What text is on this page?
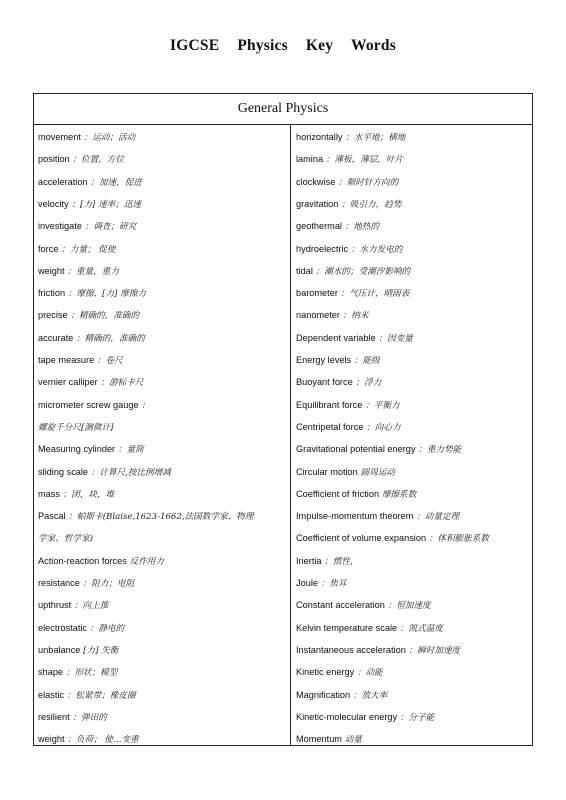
IGCSE Physics Key Words
General Physics
movement ：运动；活动
position ：位置，方位
acceleration ：加速，促进
velocity ：[力] 速率；迅速
investigate ：调查；研究
force ：力量； 促使
weight ：重量，重力
friction ：摩擦，[力] 摩擦力
precise ：精确的，准确的
accurate ：精确的，准确的
tape measure ：卷尺
vernier calliper ：游标卡尺
micrometer screw gauge ：
螺旋千分尺[测微计]
Measuring cylinder ：量筒
sliding scale ：计算尺,按比例增减
mass ：团，块，堆
Pascal ：帕斯卡(Blaise,1623-1662,法国数学家、物理
学家、哲学家)
Action-reaction forces 反作用力
resistance ：阻力；电阻
upthrust ：向上推
electrostatic ：静电的
unbalance [力] 失衡
shape ：形状；模型
elastic ：松紧带；橡皮圈
resilient ：弹田的
weight ：负荷； 使…变重
horizontally ：水平地；横地
lamina ：薄板，薄层，叶片
clockwise ：顺时针方向的
gravitation ：吸引力，趋势
geothermal ：地热的
hydroelectric ：水力发电的
tidal ：潮水的；受潮汐影响的
barometer ：气压计，晴雨表
nanometer ：纳米
Dependent variable ：因变量
Energy levels ：能级
Buoyant force ：浮力
Equilibrant force ：平衡力
Centripetal force ：向心力
Gravitational potential energy ：重力势能
Circular motion 圆周运动
Coefficient of friction 摩擦系数
Impulse-momentum theorem ：动量定理
Coefficient of volume expansion ：体积膨胀系数
Inertia ：惯性，
Joule ：焦耳
Constant acceleration ：恒加速度
Kelvin temperature scale ：凯式温度
Instantaneous acceleration ：瞬时加速度
Kinetic energy ：动能
Magnification ：放大率
Kinetic-molecular energy ：分子能
Momentum 动量
